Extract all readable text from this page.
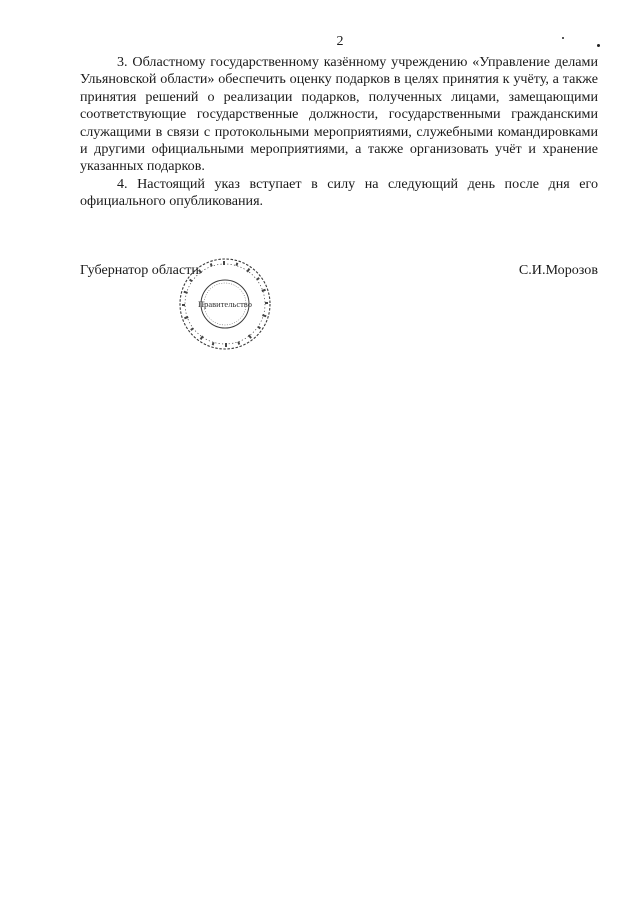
2

3. Областному государственному казённому учреждению «Управление делами Ульяновской области» обеспечить оценку подарков в целях принятия к учёту, а также принятия решений о реализации подарков, полученных лицами, замещающими соответствующие государственные должности, государственными гражданскими служащими в связи с протокольными мероприятиями, служебными командировками и другими официальными мероприятиями, а также организовать учёт и хранение указанных подарков.

4. Настоящий указ вступает в силу на следующий день после дня его официального опубликования.

Губернатор области	С.И.Морозов
Правительство
